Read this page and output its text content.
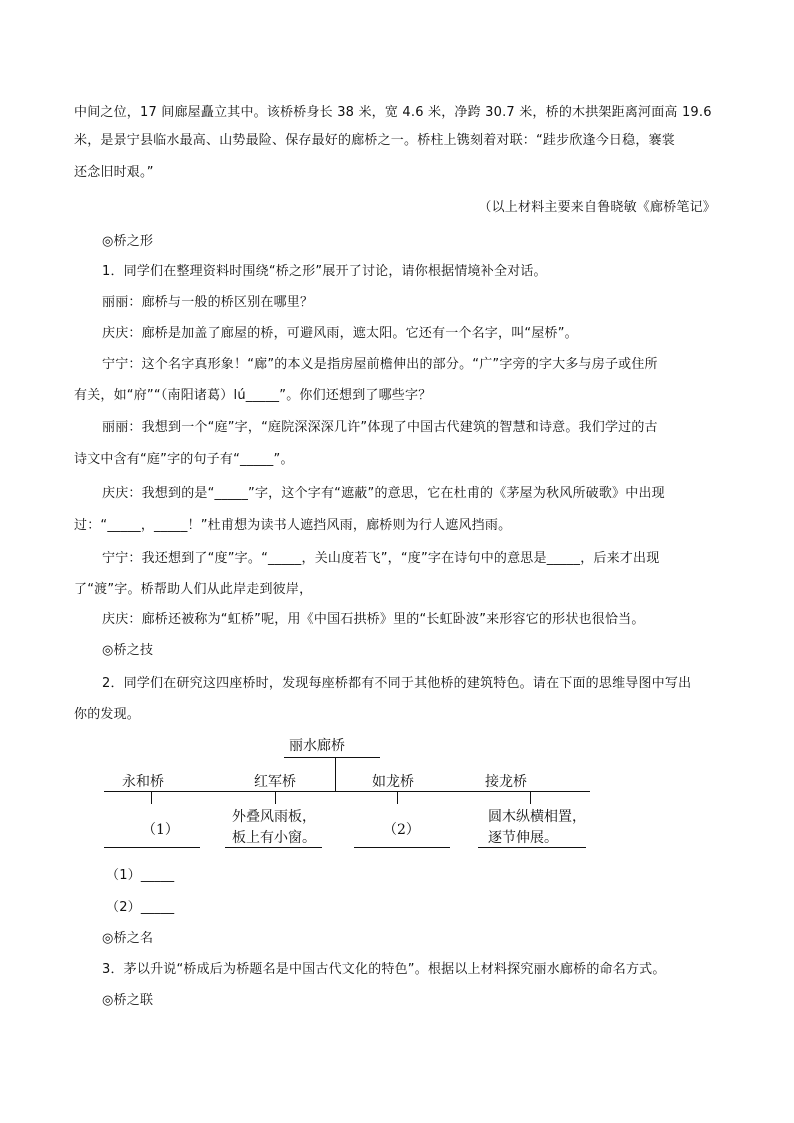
中间之位，17 间廊屋矗立其中。该桥桥身长 38 米，宽 4.6 米，净跨 30.7 米，桥的木拱架距离河面高 19.6
米，是景宁县临水最高、山势最险、保存最好的廊桥之一。桥柱上镌刻着对联：“跬步欣逢今日稳，褰裳
还念旧时艰。”
（以上材料主要来自鲁晓敏《廊桥笔记》
◎桥之形
1．同学们在整理资料时围绕“桥之形”展开了讨论，请你根据情境补全对话。
丽丽：廊桥与一般的桥区别在哪里？
庆庆：廊桥是加盖了廊屋的桥，可避风雨，遮太阳。它还有一个名字，叫“屋桥”。
宁宁：这个名字真形象！“廊”的本义是指房屋前檐伸出的部分。“广”字旁的字大多与房子或住所
有关，如“府”“（南阳诸葛）lú_____”。你们还想到了哪些字？
丽丽：我想到一个“庭”字，“庭院深深深几许”体现了中国古代建筑的智慧和诗意。我们学过的古
诗文中含有“庭”字的句子有“_____”。
庆庆：我想到的是“_____”字，这个字有“遮蔽”的意思，它在杜甫的《茅屋为秋风所破歌》中出现
过：“_____，_____！”杜甫想为读书人遮挡风雨，廊桥则为行人遮风挡雨。
宁宁：我还想到了“度”字。“_____，关山度若飞”，“度”字在诗句中的意思是_____，后来才出现
了“渡”字。桥帮助人们从此岸走到彼岸，
庆庆：廊桥还被称为“虹桥”呢，用《中国石拱桥》里的“长虹卧波”来形容它的形状也很恰当。
◎桥之技
2．同学们在研究这四座桥时，发现每座桥都有不同于其他桥的建筑特色。请在下面的思维导图中写出
你的发现。
丽水廊桥
永和桥	红军桥	如龙桥	接龙桥
（1）
外叠风雨板，
板上有小窗。	（2）
圆木纵横相置，
逐节伸展。
（1）_____
（2）_____
◎桥之名
3．茅以升说“桥成后为桥题名是中国古代文化的特色”。根据以上材料探究丽水廊桥的命名方式。
◎桥之联
